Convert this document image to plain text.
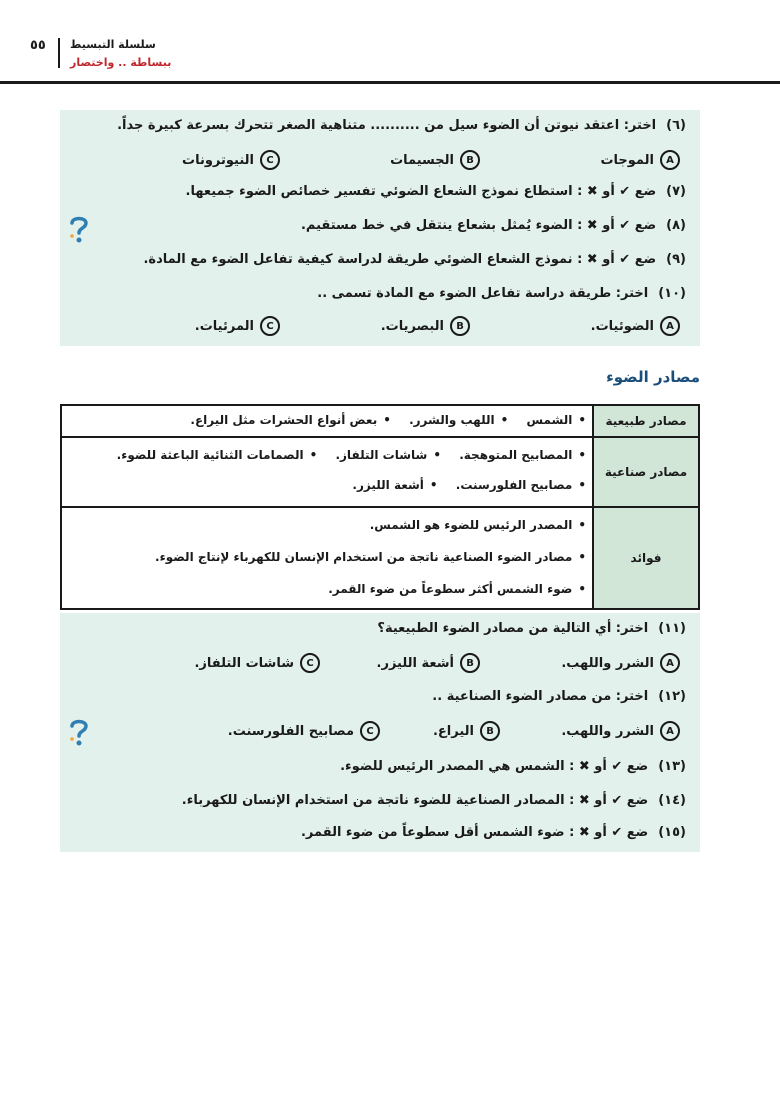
٥٥ سلسلة التبسيط
ببساطة .. واختصار
(٦)اختر: اعتقد نيوتن أن الضوء سيل من .......... متناهية الصغر تتحرك بسرعة كبيرة جداً.
A
الموجات
B
الجسيمات
C
النيوترونات
(٧)ضع ✔ أو ✖ : استطاع نموذج الشعاع الضوئي تفسير خصائص الضوء جميعها.
(٨)ضع ✔ أو ✖ : الضوء يُمثل بشعاع ينتقل في خط مستقيم.
(٩)ضع ✔ أو ✖ : نموذج الشعاع الضوئي طريقة لدراسة كيفية تفاعل الضوء مع المادة.
(١٠)اختر: طريقة دراسة تفاعل الضوء مع المادة تسمى ..
A
الضوئيات.
B
البصريات.
C
المرئيات.
مصادر الضوء
مصادر طبيعية
•الشمس •اللهب والشرر. •بعض أنواع الحشرات مثل اليراع.
مصادر صناعية
•المصابيح المتوهجة. •شاشات التلفاز. •الصمامات الثنائية الباعثة للضوء.
•مصابيح الفلورسنت. •أشعة الليزر.
فوائد
•المصدر الرئيس للضوء هو الشمس.
•مصادر الضوء الصناعية ناتجة من استخدام الإنسان للكهرباء لإنتاج الضوء.
•ضوء الشمس أكثر سطوعاً من ضوء القمر.
(١١)اختر: أي التالية من مصادر الضوء الطبيعية؟
A
الشرر واللهب.
B
أشعة الليزر.
C
شاشات التلفاز.
(١٢)اختر: من مصادر الضوء الصناعية ..
A
الشرر واللهب.
B
اليراع.
C
مصابيح الفلورسنت.
(١٣)ضع ✔ أو ✖ : الشمس هي المصدر الرئيس للضوء.
(١٤)ضع ✔ أو ✖ : المصادر الصناعية للضوء ناتجة من استخدام الإنسان للكهرباء.
(١٥)ضع ✔ أو ✖ : ضوء الشمس أقل سطوعاً من ضوء القمر.
